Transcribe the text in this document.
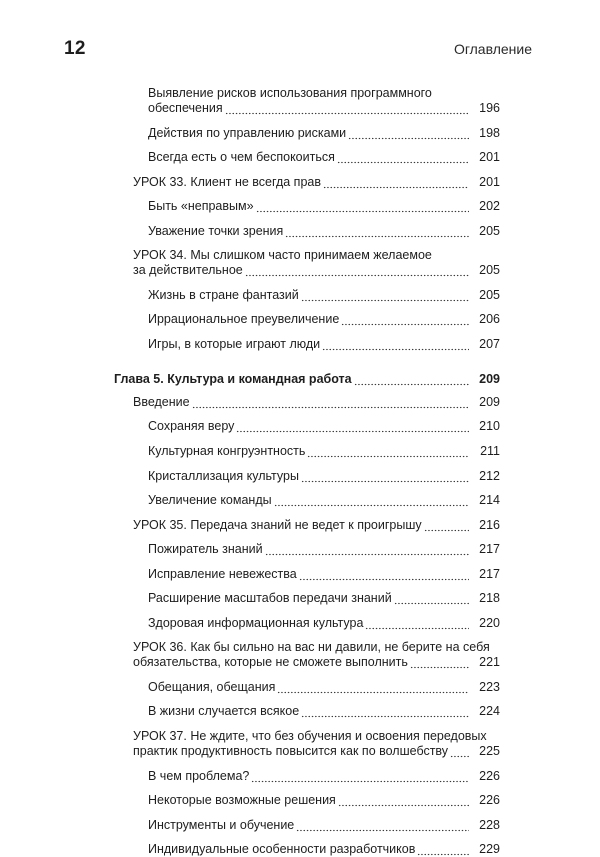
12	Оглавление
Выявление рисков использования программного
обеспечения	196
Действия по управлению рисками	198
Всегда есть о чем беспокоиться	201
УРОК 33. Клиент не всегда прав	201
Быть «неправым»	202
Уважение точки зрения	205
УРОК 34. Мы слишком часто принимаем желаемое
за действительное	205
Жизнь в стране фантазий	205
Иррациональное преувеличение	206
Игры, в которые играют люди	207
Глава 5. Культура и командная работа	209
Введение	209
Сохраняя веру	210
Культурная конгруэнтность	211
Кристаллизация культуры	212
Увеличение команды	214
УРОК 35. Передача знаний не ведет к проигрышу	216
Пожиратель знаний	217
Исправление невежества	217
Расширение масштабов передачи знаний	218
Здоровая информационная культура	220
УРОК 36. Как бы сильно на вас ни давили, не берите на себя
обязательства, которые не сможете выполнить	221
Обещания, обещания	223
В жизни случается всякое	224
УРОК 37. Не ждите, что без обучения и освоения передовых
практик продуктивность повысится как по волшебству	225
В чем проблема?	226
Некоторые возможные решения	226
Инструменты и обучение	228
Индивидуальные особенности разработчиков	229
